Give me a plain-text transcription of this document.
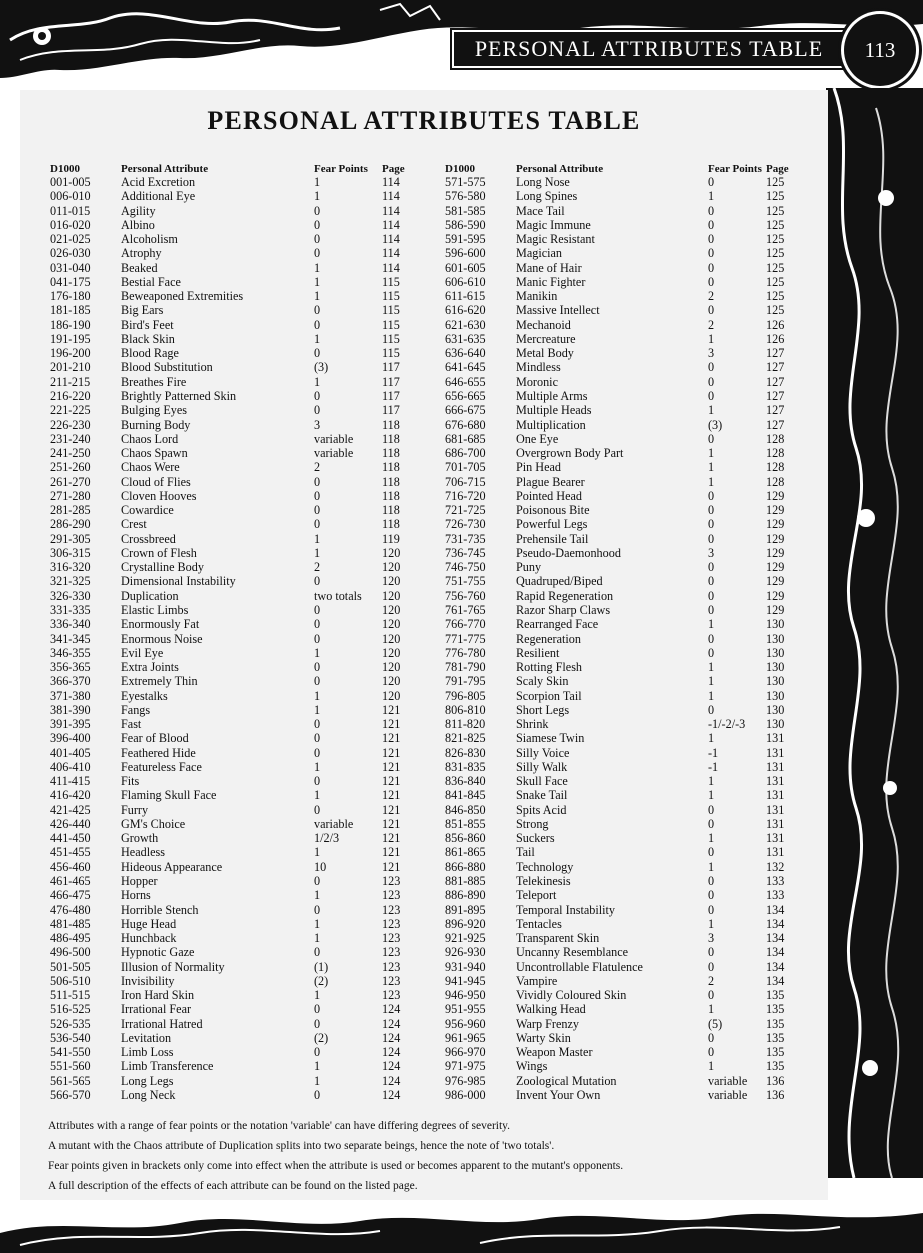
PERSONAL ATTRIBUTES TABLE	113
PERSONAL ATTRIBUTES TABLE
D1000	Personal Attribute	Fear Points	Page
001-005	Acid Excretion	1	114
006-010	Additional Eye	1	114
011-015	Agility	0	114
016-020	Albino	0	114
021-025	Alcoholism	0	114
026-030	Atrophy	0	114
031-040	Beaked	1	114
041-175	Bestial Face	1	115
176-180	Beweaponed Extremities	1	115
181-185	Big Ears	0	115
186-190	Bird's Feet	0	115
191-195	Black Skin	1	115
196-200	Blood Rage	0	115
201-210	Blood Substitution	(3)	117
211-215	Breathes Fire	1	117
216-220	Brightly Patterned Skin	0	117
221-225	Bulging Eyes	0	117
226-230	Burning Body	3	118
231-240	Chaos Lord	variable	118
241-250	Chaos Spawn	variable	118
251-260	Chaos Were	2	118
261-270	Cloud of Flies	0	118
271-280	Cloven Hooves	0	118
281-285	Cowardice	0	118
286-290	Crest	0	118
291-305	Crossbreed	1	119
306-315	Crown of Flesh	1	120
316-320	Crystalline Body	2	120
321-325	Dimensional Instability	0	120
326-330	Duplication	two totals	120
331-335	Elastic Limbs	0	120
336-340	Enormously Fat	0	120
341-345	Enormous Noise	0	120
346-355	Evil Eye	1	120
356-365	Extra Joints	0	120
366-370	Extremely Thin	0	120
371-380	Eyestalks	1	120
381-390	Fangs	1	121
391-395	Fast	0	121
396-400	Fear of Blood	0	121
401-405	Feathered Hide	0	121
406-410	Featureless Face	1	121
411-415	Fits	0	121
416-420	Flaming Skull Face	1	121
421-425	Furry	0	121
426-440	GM's Choice	variable	121
441-450	Growth	1/2/3	121
451-455	Headless	1	121
456-460	Hideous Appearance	10	121
461-465	Hopper	0	123
466-475	Horns	1	123
476-480	Horrible Stench	0	123
481-485	Huge Head	1	123
486-495	Hunchback	1	123
496-500	Hypnotic Gaze	0	123
501-505	Illusion of Normality	(1)	123
506-510	Invisibility	(2)	123
511-515	Iron Hard Skin	1	123
516-525	Irrational Fear	0	124
526-535	Irrational Hatred	0	124
536-540	Levitation	(2)	124
541-550	Limb Loss	0	124
551-560	Limb Transference	1	124
561-565	Long Legs	1	124
566-570	Long Neck	0	124
D1000	Personal Attribute	Fear Points	Page
571-575	Long Nose	0	125
576-580	Long Spines	1	125
581-585	Mace Tail	0	125
586-590	Magic Immune	0	125
591-595	Magic Resistant	0	125
596-600	Magician	0	125
601-605	Mane of Hair	0	125
606-610	Manic Fighter	0	125
611-615	Manikin	2	125
616-620	Massive Intellect	0	125
621-630	Mechanoid	2	126
631-635	Mercreature	1	126
636-640	Metal Body	3	127
641-645	Mindless	0	127
646-655	Moronic	0	127
656-665	Multiple Arms	0	127
666-675	Multiple Heads	1	127
676-680	Multiplication	(3)	127
681-685	One Eye	0	128
686-700	Overgrown Body Part	1	128
701-705	Pin Head	1	128
706-715	Plague Bearer	1	128
716-720	Pointed Head	0	129
721-725	Poisonous Bite	0	129
726-730	Powerful Legs	0	129
731-735	Prehensile Tail	0	129
736-745	Pseudo-Daemonhood	3	129
746-750	Puny	0	129
751-755	Quadruped/Biped	0	129
756-760	Rapid Regeneration	0	129
761-765	Razor Sharp Claws	0	129
766-770	Rearranged Face	1	130
771-775	Regeneration	0	130
776-780	Resilient	0	130
781-790	Rotting Flesh	1	130
791-795	Scaly Skin	1	130
796-805	Scorpion Tail	1	130
806-810	Short Legs	0	130
811-820	Shrink	-1/-2/-3	130
821-825	Siamese Twin	1	131
826-830	Silly Voice	-1	131
831-835	Silly Walk	-1	131
836-840	Skull Face	1	131
841-845	Snake Tail	1	131
846-850	Spits Acid	0	131
851-855	Strong	0	131
856-860	Suckers	1	131
861-865	Tail	0	131
866-880	Technology	1	132
881-885	Telekinesis	0	133
886-890	Teleport	0	133
891-895	Temporal Instability	0	134
896-920	Tentacles	1	134
921-925	Transparent Skin	3	134
926-930	Uncanny Resemblance	0	134
931-940	Uncontrollable Flatulence	0	134
941-945	Vampire	2	134
946-950	Vividly Coloured Skin	0	135
951-955	Walking Head	1	135
956-960	Warp Frenzy	(5)	135
961-965	Warty Skin	0	135
966-970	Weapon Master	0	135
971-975	Wings	1	135
976-985	Zoological Mutation	variable	136
986-000	Invent Your Own	variable	136

Attributes with a range of fear points or the notation 'variable' can have differing degrees of severity.

A mutant with the Chaos attribute of Duplication splits into two separate beings, hence the note of 'two totals'.

Fear points given in brackets only come into effect when the attribute is used or becomes apparent to the mutant's opponents.

A full description of the effects of each attribute can be found on the listed page.
